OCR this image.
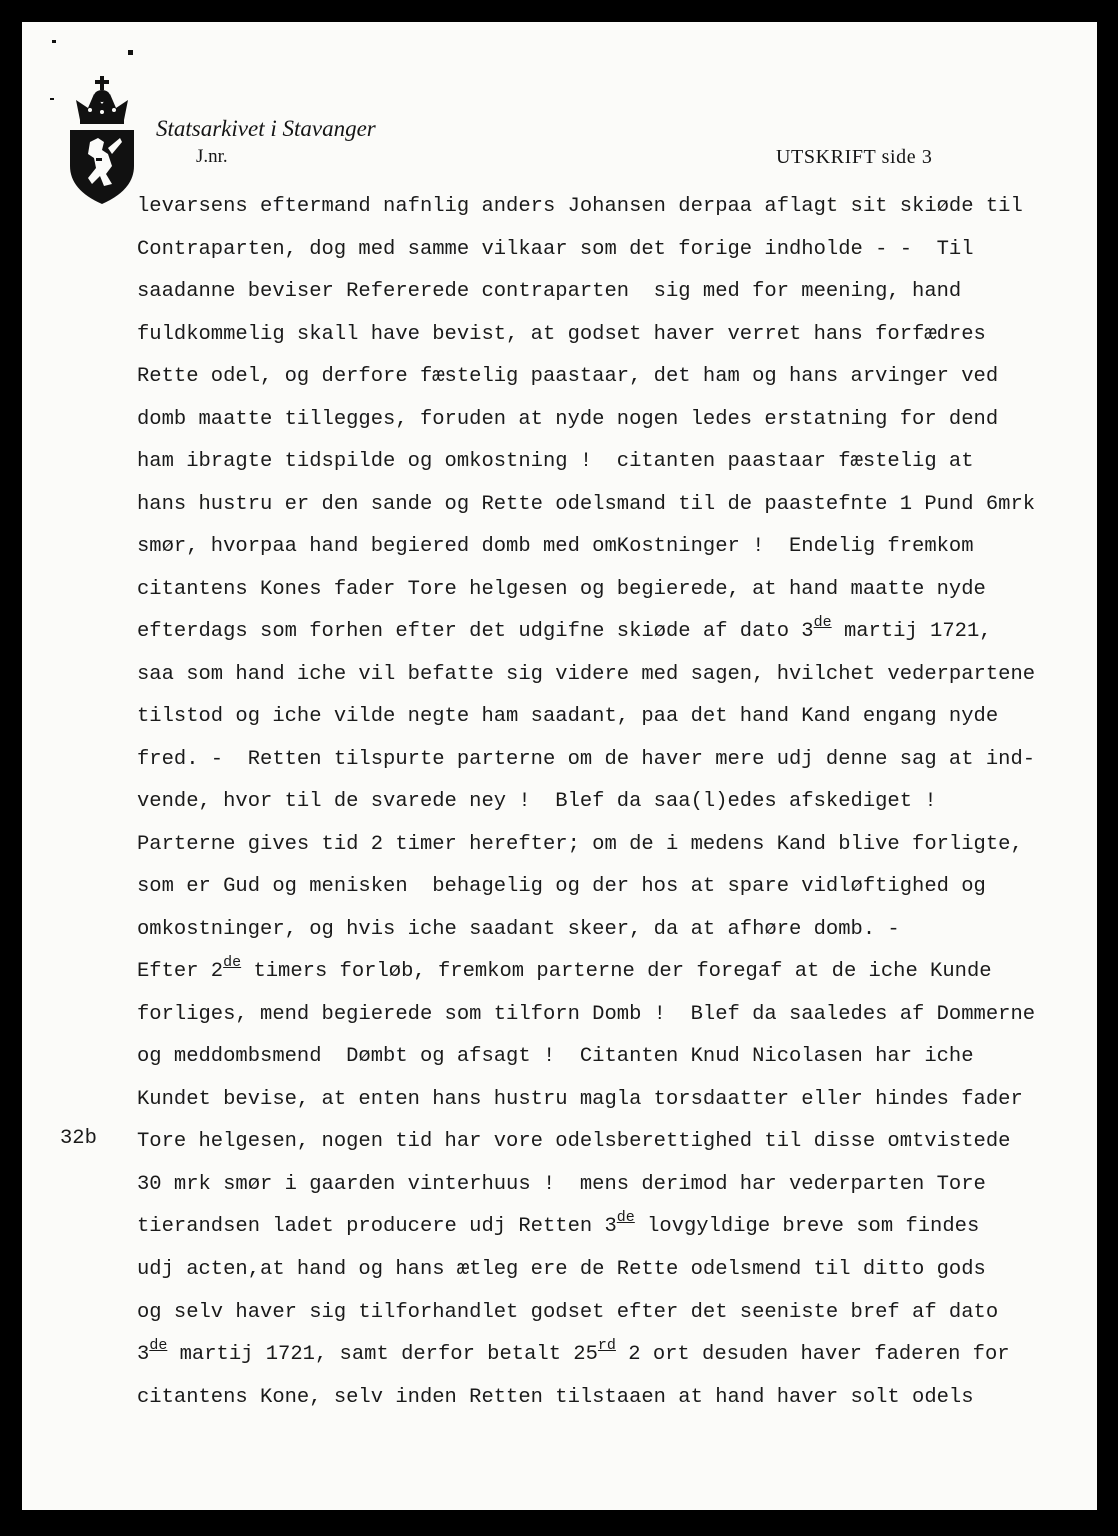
Statsarkivet i Stavanger
J.nr.	UTSKRIFT side 3
levarsens eftermand nafnlig anders Johansen derpaa aflagt sit skiøde til
Contraparten, dog med samme vilkaar som det forige indholde - -  Til
saadanne beviser Refererede contraparten  sig med for meening, hand
fuldkommelig skall have bevist, at godset haver verret hans forfædres
Rette odel, og derfore fæstelig paastaar, det ham og hans arvinger ved
domb maatte tillegges, foruden at nyde nogen ledes erstatning for dend
ham ibragte tidspilde og omkostning !  citanten paastaar fæstelig at
hans hustru er den sande og Rette odelsmand til de paastefnte 1 Pund 6mrk
smør, hvorpaa hand begiered domb med omKostninger !  Endelig fremkom
citantens Kones fader Tore helgesen og begierede, at hand maatte nyde
efterdags som forhen efter det udgifne skiøde af dato 3de martij 1721,
saa som hand iche vil befatte sig videre med sagen, hvilchet vederpartene
tilstod og iche vilde negte ham saadant, paa det hand Kand engang nyde
fred. -  Retten tilspurte parterne om de haver mere udj denne sag at ind-
vende, hvor til de svarede ney !  Blef da saa(l)edes afskediget !
Parterne gives tid 2 timer herefter; om de i medens Kand blive forligte,
som er Gud og menisken  behagelig og der hos at spare vidløftighed og
omkostninger, og hvis iche saadant skeer, da at afhøre domb. -
Efter 2de timers forløb, fremkom parterne der foregaf at de iche Kunde
forliges, mend begierede som tilforn Domb !  Blef da saaledes af Dommerne
og meddombsmend  Dømbt og afsagt !  Citanten Knud Nicolasen har iche
Kundet bevise, at enten hans hustru magla torsdaatter eller hindes fader
Tore helgesen, nogen tid har vore odelsberettighed til disse omtvistede
30 mrk smør i gaarden vinterhuus !  mens derimod har vederparten Tore
tierandsen ladet producere udj Retten 3de lovgyldige breve som findes
udj acten,at hand og hans ætleg ere de Rette odelsmend til ditto gods
og selv haver sig tilforhandlet godset efter det seeniste bref af dato
3de martij 1721, samt derfor betalt 25rd 2 ort desuden haver faderen for
citantens Kone, selv inden Retten tilstaaen at hand haver solt odels
32b
